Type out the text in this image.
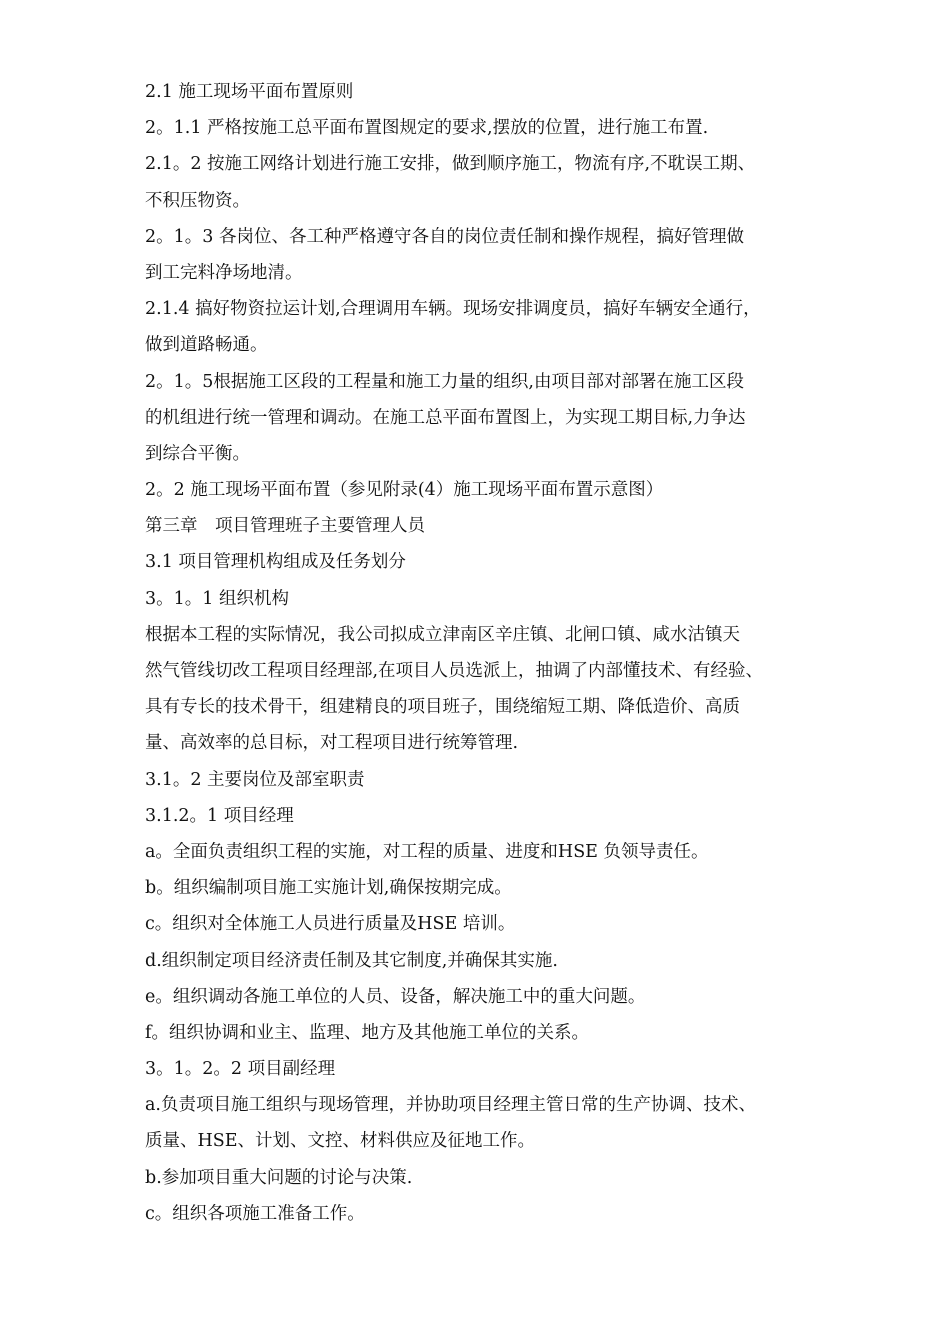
2.1 施工现场平面布置原则
2。1.1 严格按施工总平面布置图规定的要求,摆放的位置，进行施工布置.
2.1。2 按施工网络计划进行施工安排，做到顺序施工，物流有序,不耽误工期、
不积压物资。
2。1。3 各岗位、各工种严格遵守各自的岗位责任制和操作规程，搞好管理做
到工完料净场地清。
2.1.4 搞好物资拉运计划,合理调用车辆。现场安排调度员，搞好车辆安全通行，
做到道路畅通。
2。1。5根据施工区段的工程量和施工力量的组织,由项目部对部署在施工区段
的机组进行统一管理和调动。在施工总平面布置图上，为实现工期目标,力争达
到综合平衡。
2。2 施工现场平面布置（参见附录(4）施工现场平面布置示意图）
第三章　项目管理班子主要管理人员
3.1 项目管理机构组成及任务划分
3。1。1 组织机构
根据本工程的实际情况，我公司拟成立津南区辛庄镇、北闸口镇、咸水沽镇天
然气管线切改工程项目经理部,在项目人员选派上，抽调了内部懂技术、有经验、
具有专长的技术骨干，组建精良的项目班子，围绕缩短工期、降低造价、高质
量、高效率的总目标，对工程项目进行统筹管理.
3.1。2 主要岗位及部室职责
3.1.2。1 项目经理
a。全面负责组织工程的实施，对工程的质量、进度和HSE 负领导责任。
b。组织编制项目施工实施计划,确保按期完成。
c。组织对全体施工人员进行质量及HSE 培训。
d.组织制定项目经济责任制及其它制度,并确保其实施.
e。组织调动各施工单位的人员、设备，解决施工中的重大问题。
f。组织协调和业主、监理、地方及其他施工单位的关系。
3。1。2。2 项目副经理
a.负责项目施工组织与现场管理，并协助项目经理主管日常的生产协调、技术、
质量、HSE、计划、文控、材料供应及征地工作。
b.参加项目重大问题的讨论与决策.
c。组织各项施工准备工作。
